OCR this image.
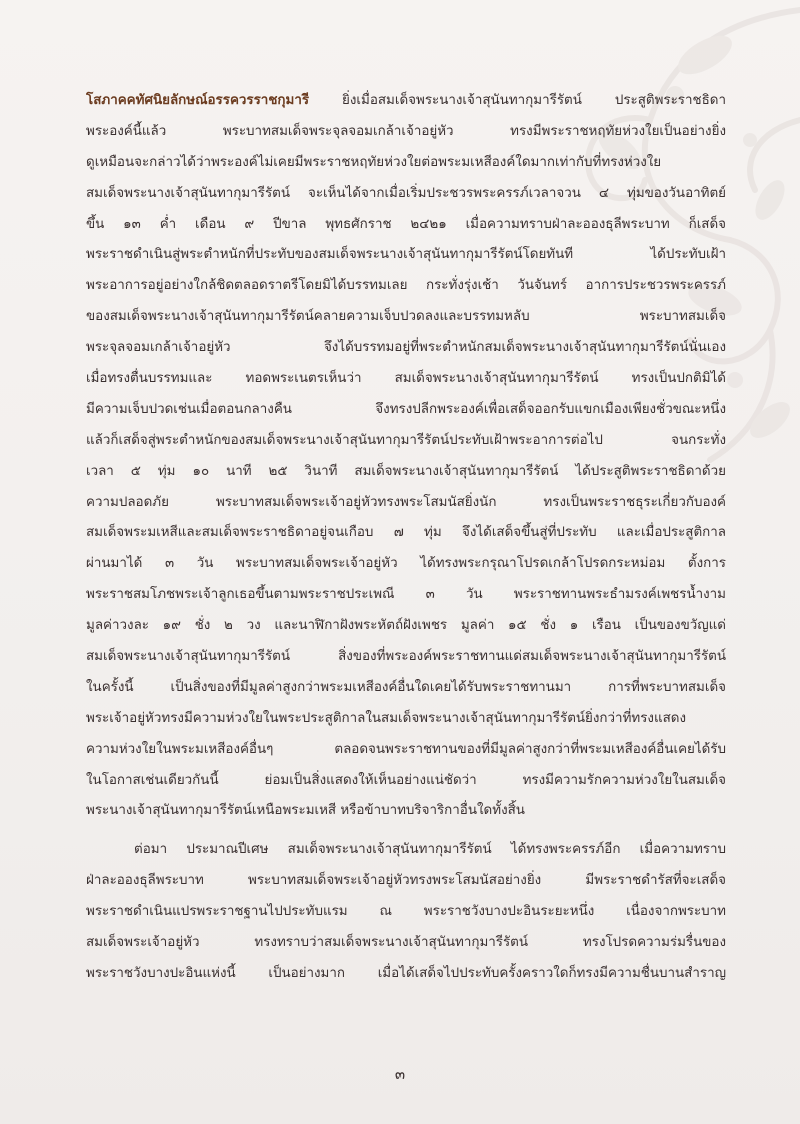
โสภาคคทัศนิยลักษณ์อรรควรราชกุมารี ยิ่งเมื่อสมเด็จพระนางเจ้าสุนันทากุมารีรัตน์ ประสูติพระราชธิดา
พระองค์นี้แล้ว พระบาทสมเด็จพระจุลจอมเกล้าเจ้าอยู่หัว ทรงมีพระราชหฤทัยห่วงใยเป็นอย่างยิ่ง
ดูเหมือนจะกล่าวได้ว่าพระองค์ไม่เคยมีพระราชหฤทัยห่วงใยต่อพระมเหสีองค์ใดมากเท่ากับที่ทรงห่วงใย
สมเด็จพระนางเจ้าสุนันทากุมารีรัตน์ จะเห็นได้จากเมื่อเริ่มประชวรพระครรภ์เวลาจวน ๔ ทุ่มของวันอาทิตย์
ขึ้น ๑๓ ค่ำ เดือน ๙ ปีขาล พุทธศักราช ๒๔๒๑ เมื่อความทราบฝ่าละอองธุลีพระบาท ก็เสด็จ
พระราชดำเนินสู่พระตำหนักที่ประทับของสมเด็จพระนางเจ้าสุนันทากุมารีรัตน์โดยทันที ได้ประทับเฝ้า
พระอาการอยู่อย่างใกล้ชิดตลอดราตรีโดยมิได้บรรทมเลย กระทั่งรุ่งเช้า วันจันทร์ อาการประชวรพระครรภ์
ของสมเด็จพระนางเจ้าสุนันทากุมารีรัตน์คลายความเจ็บปวดลงและบรรทมหลับ พระบาทสมเด็จ
พระจุลจอมเกล้าเจ้าอยู่หัว จึงได้บรรทมอยู่ที่พระตำหนักสมเด็จพระนางเจ้าสุนันทากุมารีรัตน์นั่นเอง
เมื่อทรงตื่นบรรทมและ ทอดพระเนตรเห็นว่า สมเด็จพระนางเจ้าสุนันทากุมารีรัตน์ ทรงเป็นปกติมิได้
มีความเจ็บปวดเช่นเมื่อตอนกลางคืน จึงทรงปลีกพระองค์เพื่อเสด็จออกรับแขกเมืองเพียงชั่วขณะหนึ่ง
แล้วก็เสด็จสู่พระตำหนักของสมเด็จพระนางเจ้าสุนันทากุมารีรัตน์ประทับเฝ้าพระอาการต่อไป จนกระทั่ง
เวลา ๕ ทุ่ม ๑๐ นาที ๒๕ วินาที สมเด็จพระนางเจ้าสุนันทากุมารีรัตน์ ได้ประสูติพระราชธิดาด้วย
ความปลอดภัย พระบาทสมเด็จพระเจ้าอยู่หัวทรงพระโสมนัสยิ่งนัก ทรงเป็นพระราชธุระเกี่ยวกับองค์
สมเด็จพระมเหสีและสมเด็จพระราชธิดาอยู่จนเกือบ ๗ ทุ่ม จึงได้เสด็จขึ้นสู่ที่ประทับ และเมื่อประสูติกาล
ผ่านมาได้ ๓ วัน พระบาทสมเด็จพระเจ้าอยู่หัว ได้ทรงพระกรุณาโปรดเกล้าโปรดกระหม่อม ตั้งการ
พระราชสมโภชพระเจ้าลูกเธอขึ้นตามพระราชประเพณี ๓ วัน พระราชทานพระธำมรงค์เพชรน้ำงาม
มูลค่าวงละ ๑๙ ชั่ง ๒ วง และนาฬิกาฝังพระหัตถ์ฝังเพชร มูลค่า ๑๕ ชั่ง ๑ เรือน เป็นของขวัญแด่
สมเด็จพระนางเจ้าสุนันทากุมารีรัตน์ สิ่งของที่พระองค์พระราชทานแด่สมเด็จพระนางเจ้าสุนันทากุมารีรัตน์
ในครั้งนี้ เป็นสิ่งของที่มีมูลค่าสูงกว่าพระมเหสีองค์อื่นใดเคยได้รับพระราชทานมา การที่พระบาทสมเด็จ
พระเจ้าอยู่หัวทรงมีความห่วงใยในพระประสูติกาลในสมเด็จพระนางเจ้าสุนันทากุมารีรัตน์ยิ่งกว่าที่ทรงแสดง
ความห่วงใยในพระมเหสีองค์อื่นๆ ตลอดจนพระราชทานของที่มีมูลค่าสูงกว่าที่พระมเหสีองค์อื่นเคยได้รับ
ในโอกาสเช่นเดียวกันนี้ ย่อมเป็นสิ่งแสดงให้เห็นอย่างแน่ชัดว่า ทรงมีความรักความห่วงใยในสมเด็จ
พระนางเจ้าสุนันทากุมารีรัตน์เหนือพระมเหสี หรือข้าบาทบริจาริกาอื่นใดทั้งสิ้น
ต่อมา ประมาณปีเศษ สมเด็จพระนางเจ้าสุนันทากุมารีรัตน์ ได้ทรงพระครรภ์อีก เมื่อความทราบ
ฝ่าละอองธุลีพระบาท พระบาทสมเด็จพระเจ้าอยู่หัวทรงพระโสมนัสอย่างยิ่ง มีพระราชดำรัสที่จะเสด็จ
พระราชดำเนินแปรพระราชฐานไปประทับแรม ณ พระราชวังบางปะอินระยะหนึ่ง เนื่องจากพระบาท
สมเด็จพระเจ้าอยู่หัว ทรงทราบว่าสมเด็จพระนางเจ้าสุนันทากุมารีรัตน์ ทรงโปรดความร่มรื่นของ
พระราชวังบางปะอินแห่งนี้ เป็นอย่างมาก เมื่อได้เสด็จไปประทับครั้งคราวใดก็ทรงมีความชื่นบานสำราญ
๓
